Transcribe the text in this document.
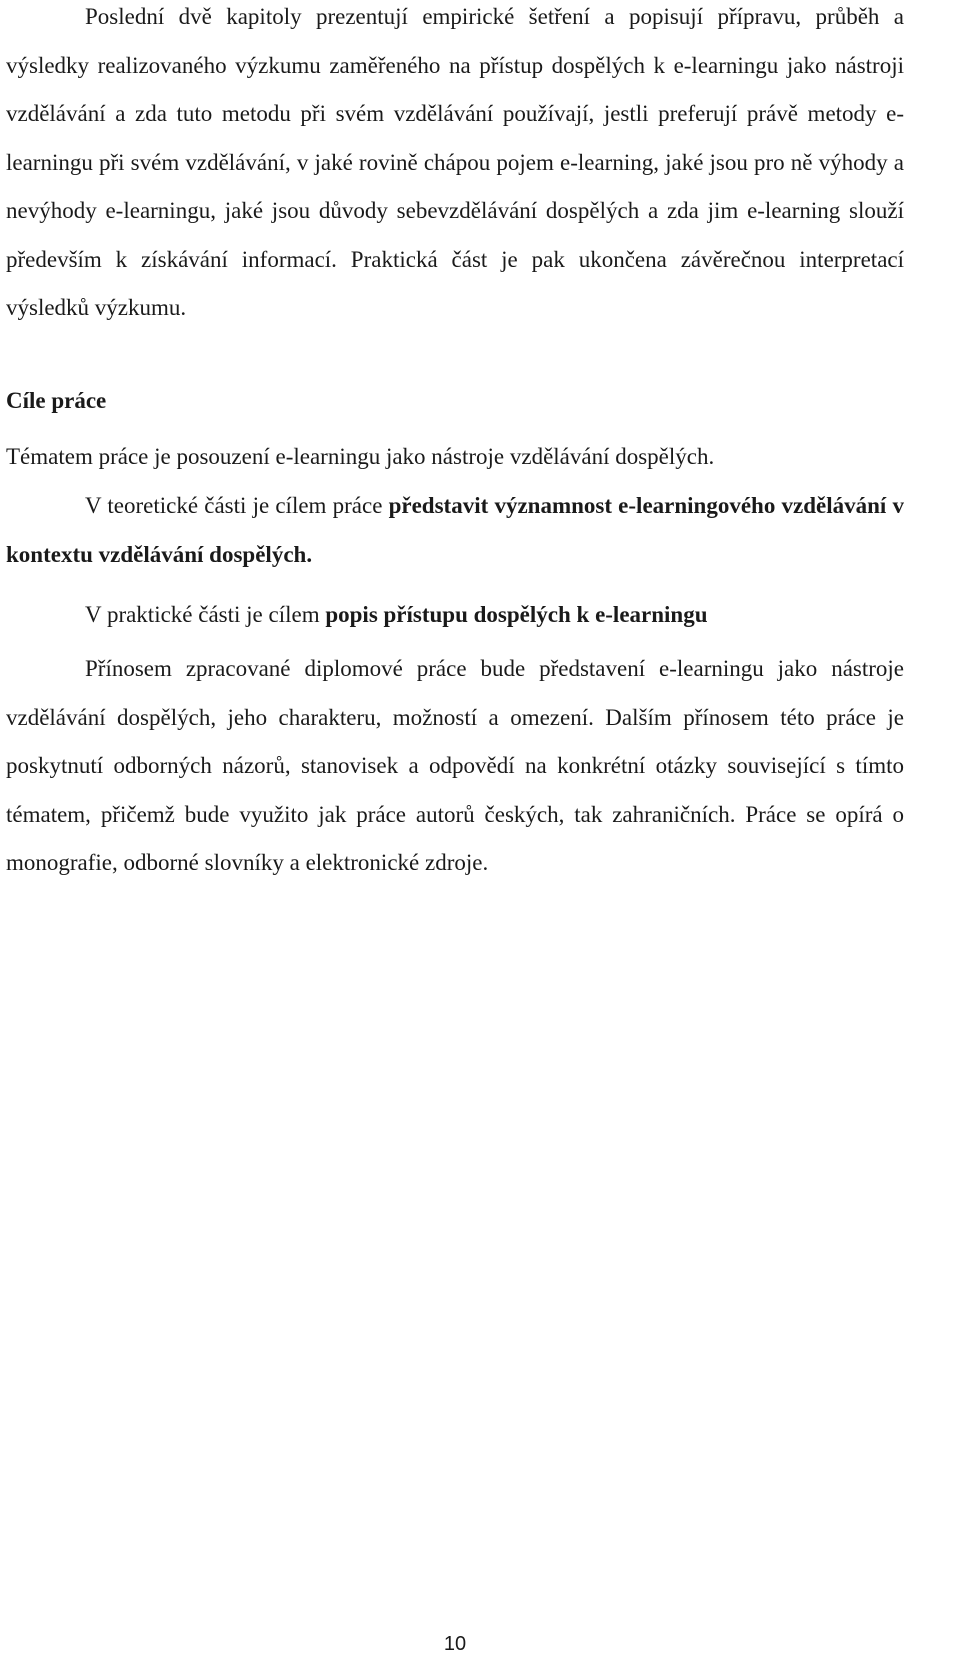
Poslední dvě kapitoly prezentují empirické šetření a popisují přípravu, průběh a výsledky realizovaného výzkumu zaměřeného na přístup dospělých k e-learningu jako nástroji vzdělávání a zda tuto metodu při svém vzdělávání používají, jestli preferují právě metody e-learningu při svém vzdělávání, v jaké rovině chápou pojem e-learning, jaké jsou pro ně výhody a nevýhody e-learningu, jaké jsou důvody sebevzdělávání dospělých a zda jim e-learning slouží především k získávání informací. Praktická část je pak ukončena závěrečnou interpretací výsledků výzkumu.

Cíle práce

Tématem práce je posouzení e-learningu jako nástroje vzdělávání dospělých.

V teoretické části je cílem práce představit významnost e-learningového vzdělávání v kontextu vzdělávání dospělých.

V praktické části je cílem popis přístupu dospělých k e-learningu

Přínosem zpracované diplomové práce bude představení e-learningu jako nástroje vzdělávání dospělých, jeho charakteru, možností a omezení. Dalším přínosem této práce je poskytnutí odborných názorů, stanovisek a odpovědí na konkrétní otázky související s tímto tématem, přičemž bude využito jak práce autorů českých, tak zahraničních. Práce se opírá o monografie, odborné slovníky a elektronické zdroje.

10
